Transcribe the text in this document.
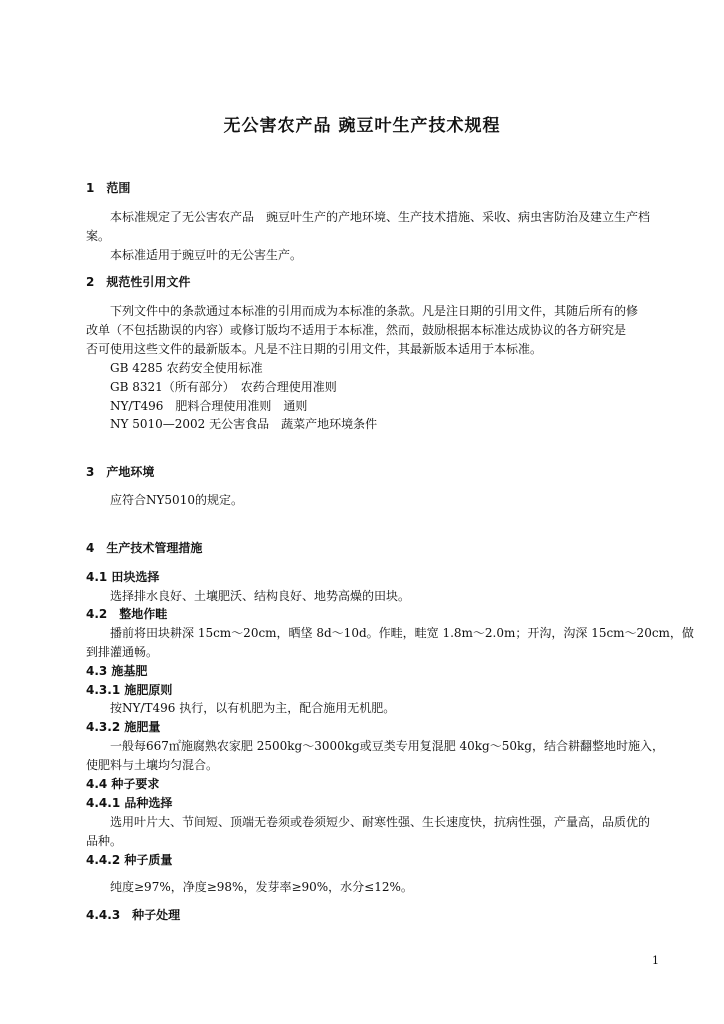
无公害农产品 豌豆叶生产技术规程
1　范围
本标准规定了无公害农产品　豌豆叶生产的产地环境、生产技术措施、采收、病虫害防治及建立生产档
案。
本标准适用于豌豆叶的无公害生产。
2　规范性引用文件
下列文件中的条款通过本标准的引用而成为本标准的条款。凡是注日期的引用文件，其随后所有的修
改单（不包括勘误的内容）或修订版均不适用于本标准，然而，鼓励根据本标准达成协议的各方研究是
否可使用这些文件的最新版本。凡是不注日期的引用文件，其最新版本适用于本标准。
GB 4285 农药安全使用标准
GB 8321（所有部分）　农药合理使用准则
NY/T496　肥料合理使用准则　通则
NY 5010—2002 无公害食品　蔬菜产地环境条件
3　产地环境
应符合NY5010的规定。
4　生产技术管理措施
4.1 田块选择
选择排水良好、土壤肥沃、结构良好、地势高燥的田块。
4.2　整地作畦
播前将田块耕深 15cm～20cm，晒垡 8d～10d。作畦，畦宽 1.8m～2.0m；开沟，沟深 15cm～20cm，做
到排灌通畅。
4.3 施基肥
4.3.1 施肥原则
按NY/T496 执行，以有机肥为主，配合施用无机肥。
4.3.2 施肥量
一般每667㎡施腐熟农家肥 2500kg～3000kg或豆类专用复混肥 40kg～50kg，结合耕翻整地时施入，
使肥料与土壤均匀混合。
4.4 种子要求
4.4.1 品种选择
选用叶片大、节间短、顶端无卷须或卷须短少、耐寒性强、生长速度快，抗病性强，产量高，品质优的
品种。
4.4.2 种子质量
纯度≥97%，净度≥98%，发芽率≥90%，水分≤12%。
4.4.3　种子处理
1
